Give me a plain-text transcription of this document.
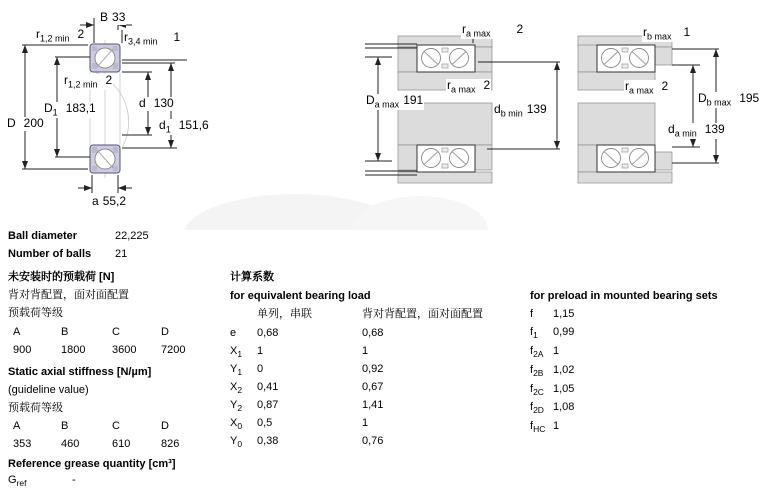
B 33
$r_{1,2 min}$ 2	$r_{3,4 min}$ 1
$r_{1,2 min}$ 2
$D_1$ 183,1
D 200
d 130
$d_1$ 151,6
a 55,2
$r_{a max}$ 2
$r_{a max}$ 2
$D_{a max}$ 191
$d_{b min}$ 139
$r_{b max}$ 1
$r_{a max}$ 2
$D_{b max}$ 195
$d_{a min}$ 139
Ball diameter	22,225
Number of balls 21
未安装时的预载荷 [N]
背对背配置，面对面配置
预载荷等级
A	B	C	D
900	1800 3600 7200
Static axial stiffness [N/µm]
(guideline value)
预载荷等级
A	B	C	D
353	460	610	826
Reference grease quantity [cm³]
$G_{ref}$	-
计算系数
for equivalent bearing load
单列，串联	背对背配置，面对面配置
e 0,68	0,68
$X_1$ 1	1
$Y_1$ 0	0,92
$X_2$ 0,41	0,67
$Y_2$ 0,87	1,41
$X_0$ 0,5	1
$Y_0$ 0,38	0,76
for preload in mounted bearing sets
f 1,15
$f_1$ 0,99
$f_{2A}$ 1
$f_{2B}$ 1,02
$f_{2C}$ 1,05
$f_{2D}$ 1,08
$f_{HC}$ 1
